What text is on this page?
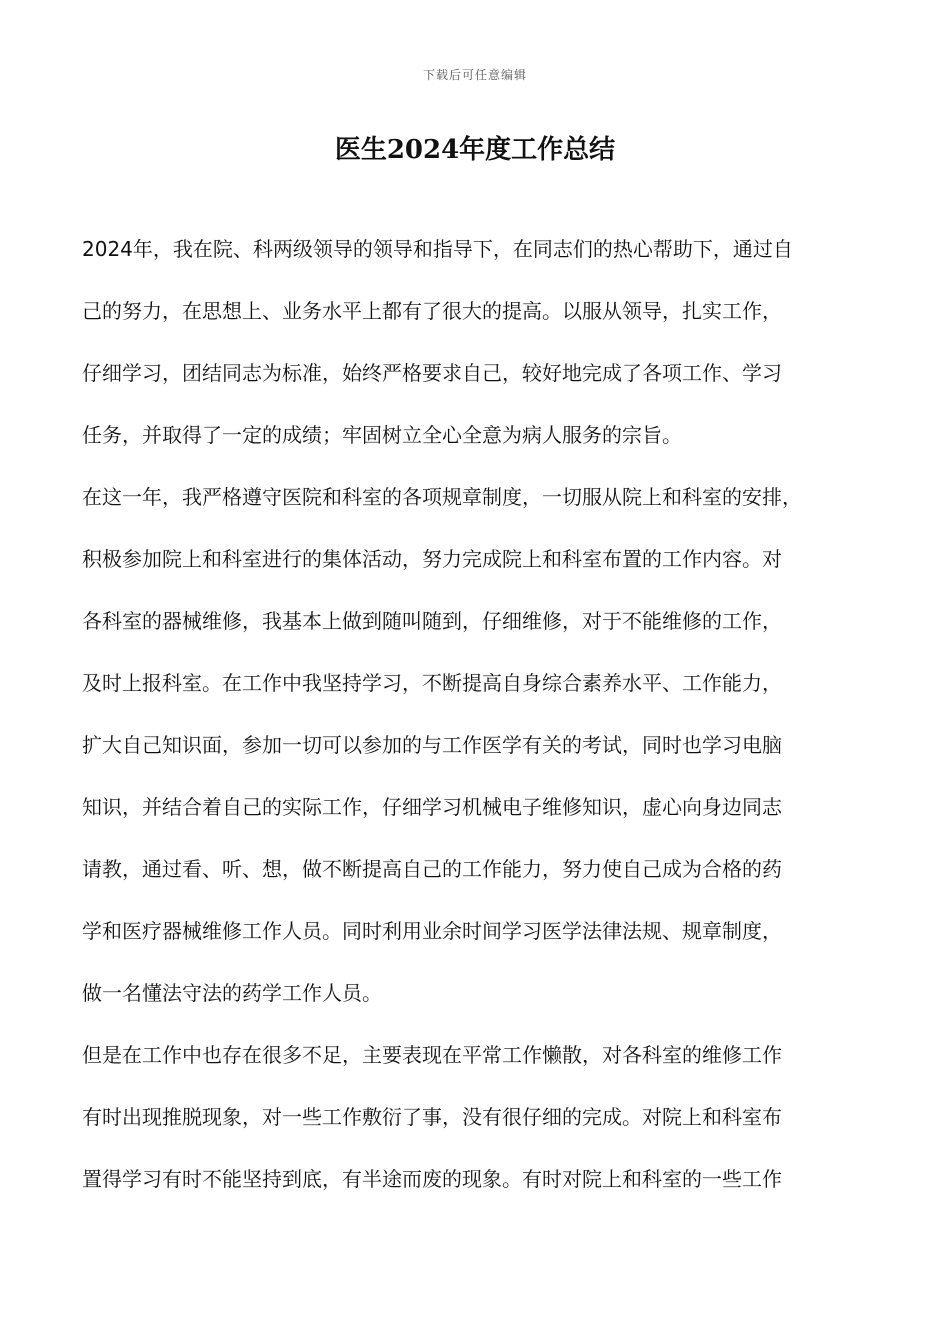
下载后可任意编辑
医生2024年度工作总结
2024年，我在院、科两级领导的领导和指导下，在同志们的热心帮助下，通过自
己的努力，在思想上、业务水平上都有了很大的提高。以服从领导，扎实工作，
仔细学习，团结同志为标准，始终严格要求自己，较好地完成了各项工作、学习
任务，并取得了一定的成绩；牢固树立全心全意为病人服务的宗旨。
在这一年，我严格遵守医院和科室的各项规章制度，一切服从院上和科室的安排，
积极参加院上和科室进行的集体活动，努力完成院上和科室布置的工作内容。对
各科室的器械维修，我基本上做到随叫随到，仔细维修，对于不能维修的工作，
及时上报科室。在工作中我坚持学习，不断提高自身综合素养水平、工作能力，
扩大自己知识面，参加一切可以参加的与工作医学有关的考试，同时也学习电脑
知识，并结合着自己的实际工作，仔细学习机械电子维修知识，虚心向身边同志
请教，通过看、听、想，做不断提高自己的工作能力，努力使自己成为合格的药
学和医疗器械维修工作人员。同时利用业余时间学习医学法律法规、规章制度，
做一名懂法守法的药学工作人员。
但是在工作中也存在很多不足，主要表现在平常工作懒散，对各科室的维修工作
有时出现推脱现象，对一些工作敷衍了事，没有很仔细的完成。对院上和科室布
置得学习有时不能坚持到底，有半途而废的现象。有时对院上和科室的一些工作
